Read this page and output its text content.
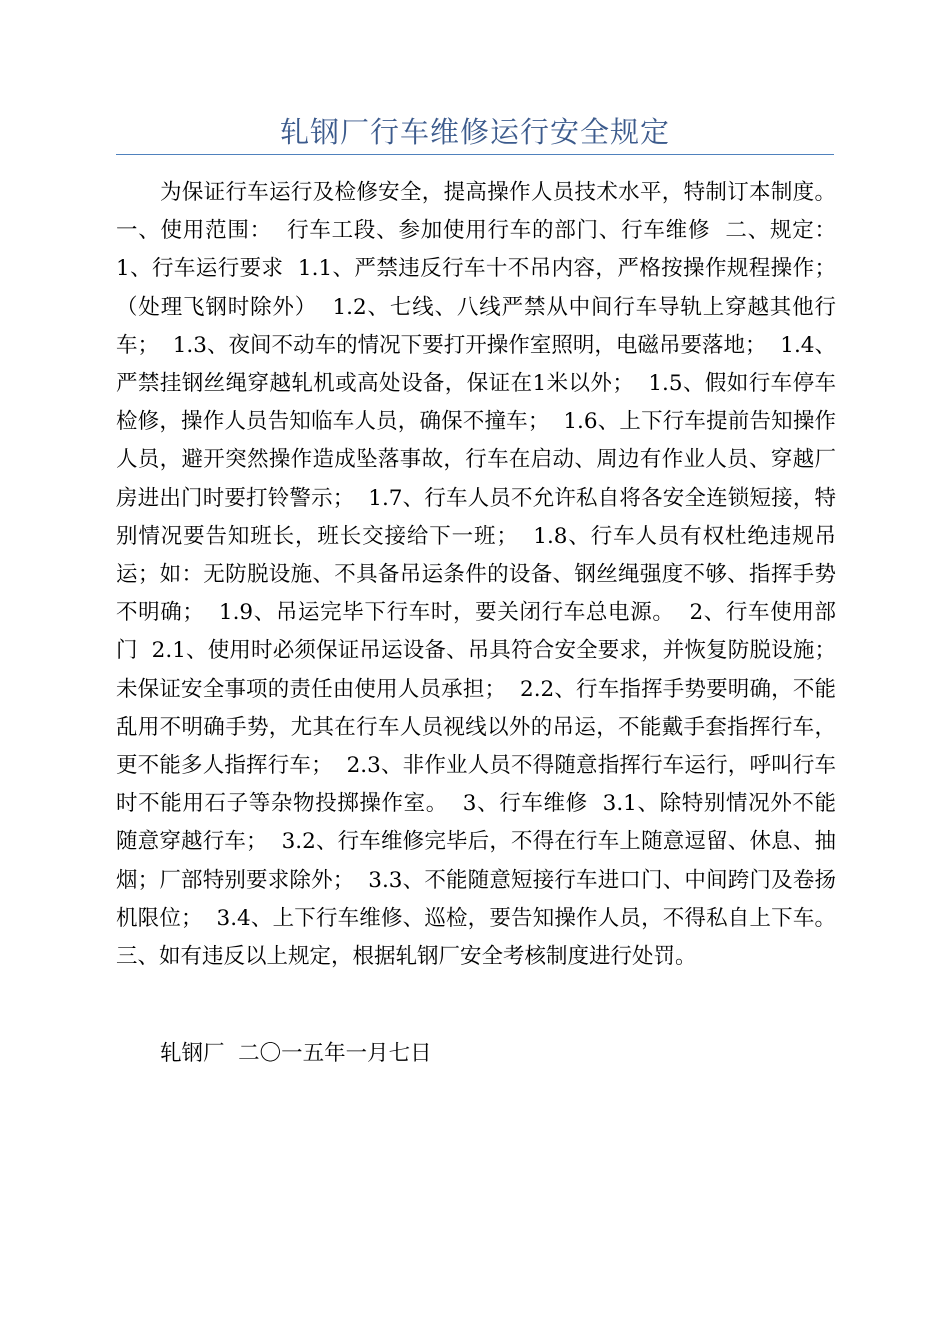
轧钢厂行车维修运行安全规定

为保证行车运行及检修安全，提高操作人员技术水平，特制订本制度。  一、使用范围：  行车工段、参加使用行车的部门、行车维修  二、规定：  1、行车运行要求  1.1、严禁违反行车十不吊内容，严格按操作规程操作；（处理飞钢时除外）  1.2、七线、八线严禁从中间行车导轨上穿越其他行车；  1.3、夜间不动车的情况下要打开操作室照明，电磁吊要落地；  1.4、严禁挂钢丝绳穿越轧机或高处设备，保证在1米以外；  1.5、假如行车停车检修，操作人员告知临车人员，确保不撞车；  1.6、上下行车提前告知操作人员，避开突然操作造成坠落事故，行车在启动、周边有作业人员、穿越厂房进出门时要打铃警示；  1.7、行车人员不允许私自将各安全连锁短接，特别情况要告知班长，班长交接给下一班；  1.8、行车人员有权杜绝违规吊运；如：无防脱设施、不具备吊运条件的设备、钢丝绳强度不够、指挥手势不明确；  1.9、吊运完毕下行车时，要关闭行车总电源。  2、行车使用部门  2.1、使用时必须保证吊运设备、吊具符合安全要求，并恢复防脱设施；未保证安全事项的责任由使用人员承担；  2.2、行车指挥手势要明确，不能乱用不明确手势，尤其在行车人员视线以外的吊运，不能戴手套指挥行车，更不能多人指挥行车；  2.3、非作业人员不得随意指挥行车运行，呼叫行车时不能用石子等杂物投掷操作室。  3、行车维修  3.1、除特别情况外不能随意穿越行车；  3.2、行车维修完毕后，不得在行车上随意逗留、休息、抽烟；厂部特别要求除外；  3.3、不能随意短接行车进口门、中间跨门及卷扬机限位；  3.4、上下行车维修、巡检，要告知操作人员，不得私自上下车。  三、如有违反以上规定，根据轧钢厂安全考核制度进行处罚。

轧钢厂  二〇一五年一月七日
